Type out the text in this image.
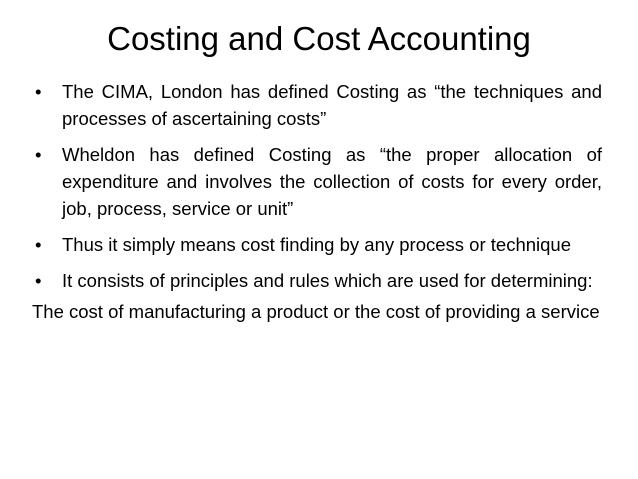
Costing and Cost Accounting
• The CIMA, London has defined Costing as “the techniques and processes of ascertaining costs”
• Wheldon has defined Costing as “the proper allocation of expenditure and involves the collection of costs for every order, job, process, service or unit”
• Thus it simply means cost finding by any process or technique
• It consists of principles and rules which are used for determining:
The cost of manufacturing a product or the cost of providing a service
